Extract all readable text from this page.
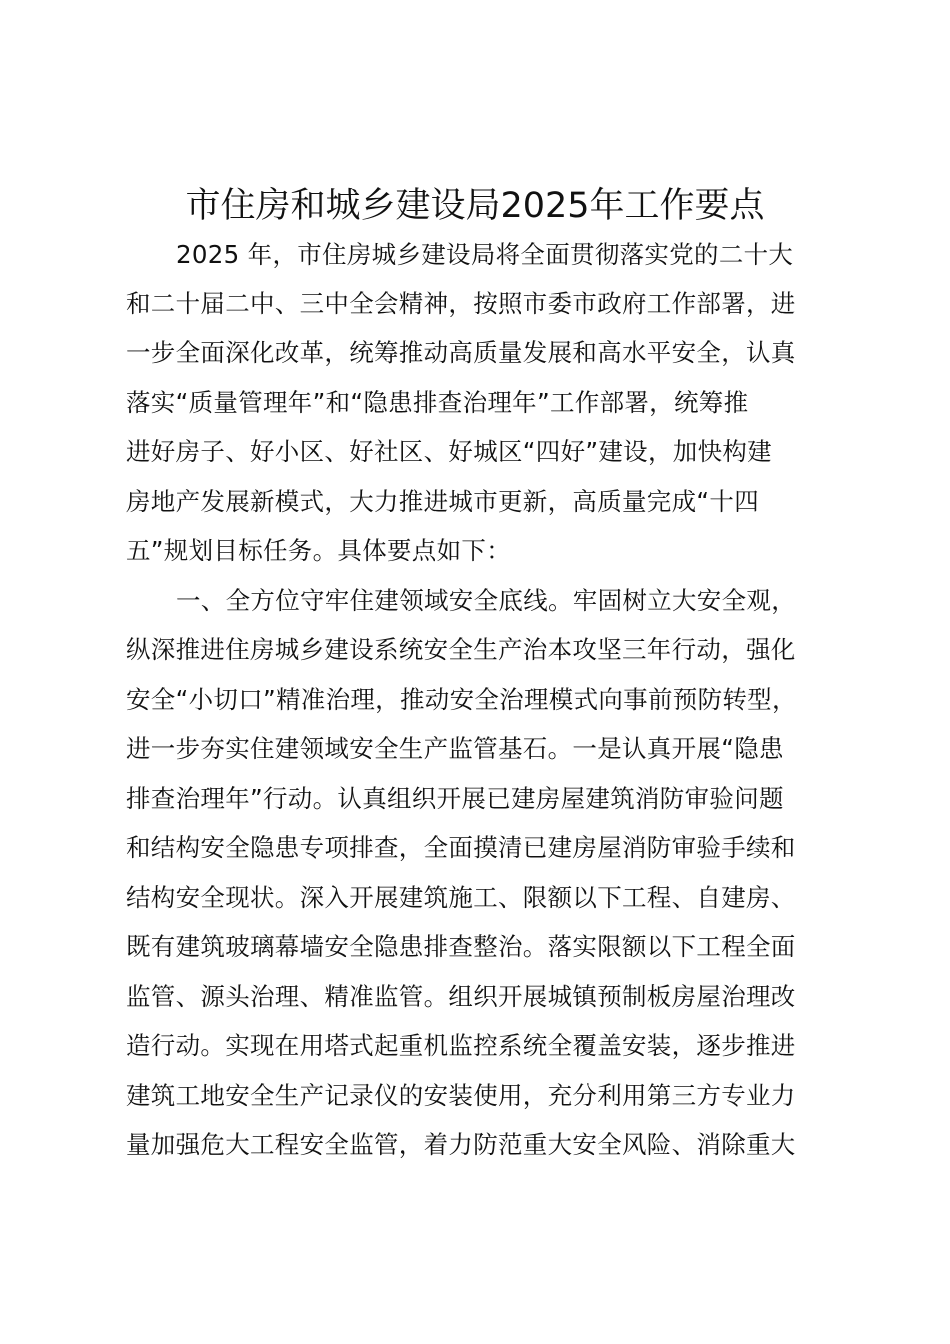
市住房和城乡建设局2025年工作要点
2025 年，市住房城乡建设局将全面贯彻落实党的二十大
和二十届二中、三中全会精神，按照市委市政府工作部署，进
一步全面深化改革，统筹推动高质量发展和高水平安全，认真
落实“质量管理年”和“隐患排查治理年”工作部署，统筹推
进好房子、好小区、好社区、好城区“四好”建设，加快构建
房地产发展新模式，大力推进城市更新，高质量完成“十四
五”规划目标任务。具体要点如下：
一、全方位守牢住建领域安全底线。牢固树立大安全观，
纵深推进住房城乡建设系统安全生产治本攻坚三年行动，强化
安全“小切口”精准治理，推动安全治理模式向事前预防转型，
进一步夯实住建领域安全生产监管基石。一是认真开展“隐患
排查治理年”行动。认真组织开展已建房屋建筑消防审验问题
和结构安全隐患专项排查，全面摸清已建房屋消防审验手续和
结构安全现状。深入开展建筑施工、限额以下工程、自建房、
既有建筑玻璃幕墙安全隐患排查整治。落实限额以下工程全面
监管、源头治理、精准监管。组织开展城镇预制板房屋治理改
造行动。实现在用塔式起重机监控系统全覆盖安装，逐步推进
建筑工地安全生产记录仪的安装使用，充分利用第三方专业力
量加强危大工程安全监管，着力防范重大安全风险、消除重大
